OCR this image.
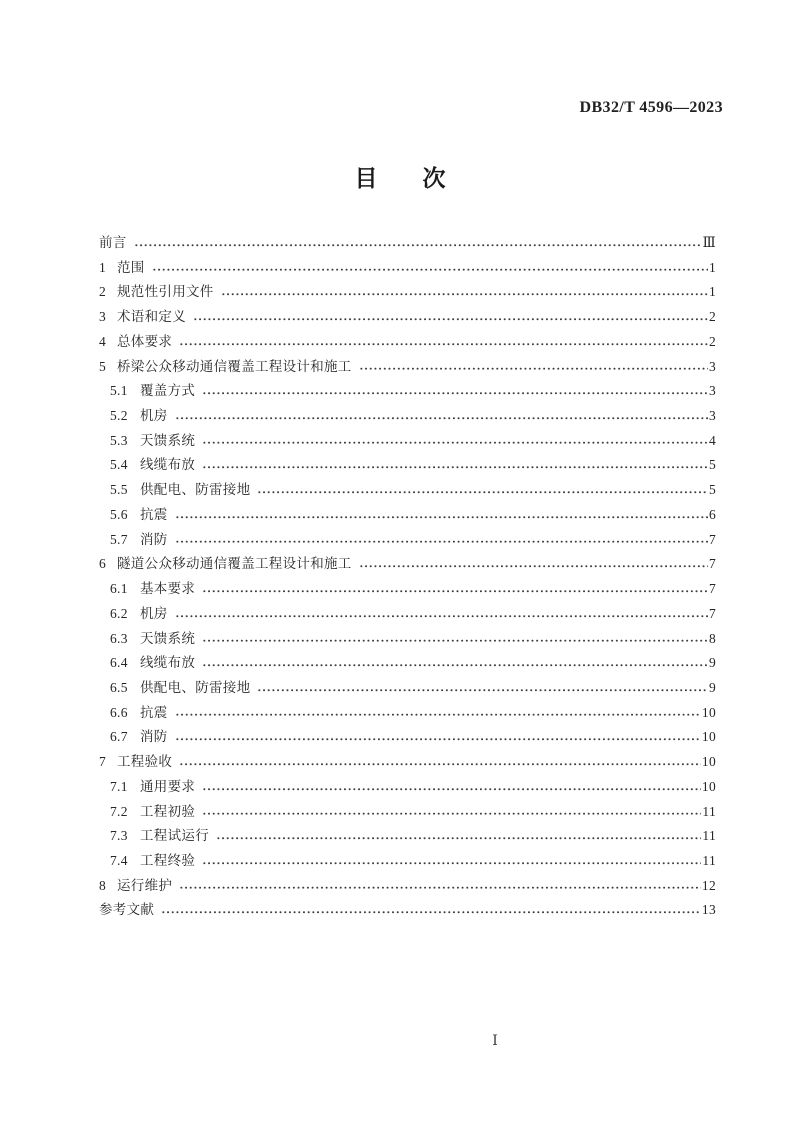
DB32/T 4596—2023
目 次
前言	Ⅲ
1 范围	1
2 规范性引用文件	1
3 术语和定义	2
4 总体要求	2
5 桥梁公众移动通信覆盖工程设计和施工	3
5.1 覆盖方式	3
5.2 机房	3
5.3 天馈系统	4
5.4 线缆布放	5
5.5 供配电、防雷接地	5
5.6 抗震	6
5.7 消防	7
6 隧道公众移动通信覆盖工程设计和施工	7
6.1 基本要求	7
6.2 机房	7
6.3 天馈系统	8
6.4 线缆布放	9
6.5 供配电、防雷接地	9
6.6 抗震	10
6.7 消防	10
7 工程验收	10
7.1 通用要求	10
7.2 工程初验	11
7.3 工程试运行	11
7.4 工程终验	11
8 运行维护	12
参考文献	13
Ⅰ
